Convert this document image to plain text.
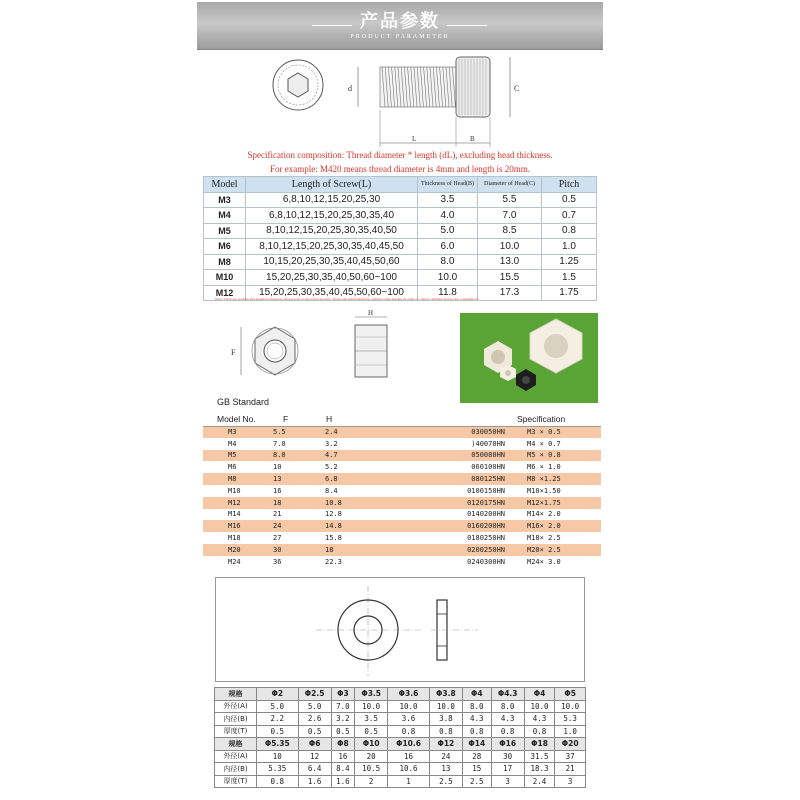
产品参数
PRODUCT PARAMETER
d	C
L	B
Specification composition: Thread diameter * length (dL), excluding head thickness.
For example: M420 means thread diameter is 4mm and length is 20mm.
Model	Length of Screw(L)	Thickness of Head(B)	Diameter of Head(C)	Pitch
M3	6,8,10,12,15,20,25,30	3.5	5.5	0.5
M4	6,8,10,12,15,20,25,30,35,40	4.0	7.0	0.7
M5	8,10,12,15,20,25,30,35,40,50	5.0	8.5	0.8
M6	8,10,12,15,20,25,30,35,40,45,50	6.0	10.0	1.0
M8	10,15,20,25,30,35,40,45,50,60	8.0	13.0	1.25
M10	15,20,25,30,35,40,50,60~100	10.0	15.5	1.5
M12	15,20,25,30,35,40,45,50,60~100	11.8	17.3	1.75
Note: There are positive and negative tolerances. Please refer to the actual product. Those who mind should be cautious when placing an order or contact customer service for consultation!
F
H
GB Standard
Model No.	F	H		Specification
M3	5.5	2.4	030050HN	M3 × 0.5
M4	7.0	3.2	)40070HN	M4 × 0.7
M5	8.0	4.7	050080HN	M5 × 0.8
M6	10	5.2	060100HN	M6 × 1.0
M8	13	6.8	080125HN	M8 ×1.25
M10	16	8.4	0100150HN	M10×1.50
M12	18	10.8	0120175HN	M12×1.75
M14	21	12.8	0140200HN	M14× 2.0
M16	24	14.8	0160200HN	M16× 2.0
M18	27	15.8	0180250HN	M18× 2.5
M20	30	18	0200250HN	M20× 2.5
M24	36	22.3	0240300HN	M24× 3.0
规格	Φ2	Φ2.5	Φ3	Φ3.5	Φ3.6	Φ3.8	Φ4	Φ4.3	Φ4	Φ5
外径(A)	5.0	5.0	7.0	10.0	10.0	10.0	8.0	8.0	10.0	10.0
内径(B)	2.2	2.6	3.2	3.5	3.6	3.8	4.3	4.3	4.3	5.3
厚度(T)	0.5	0.5	0.5	0.5	0.8	0.8	0.8	0.8	0.8	1.0
规格	Φ5.35	Φ6	Φ8	Φ10	Φ10.6	Φ12	Φ14	Φ16	Φ18	Φ20
外径(A)	10	12	16	20	16	24	28	30	31.5	37
内径(B)	5.35	6.4	8.4	10.5	10.6	13	15	17	18.3	21
厚度(T)	0.8	1.6	1.6	2	1	2.5	2.5	3	2.4	3
